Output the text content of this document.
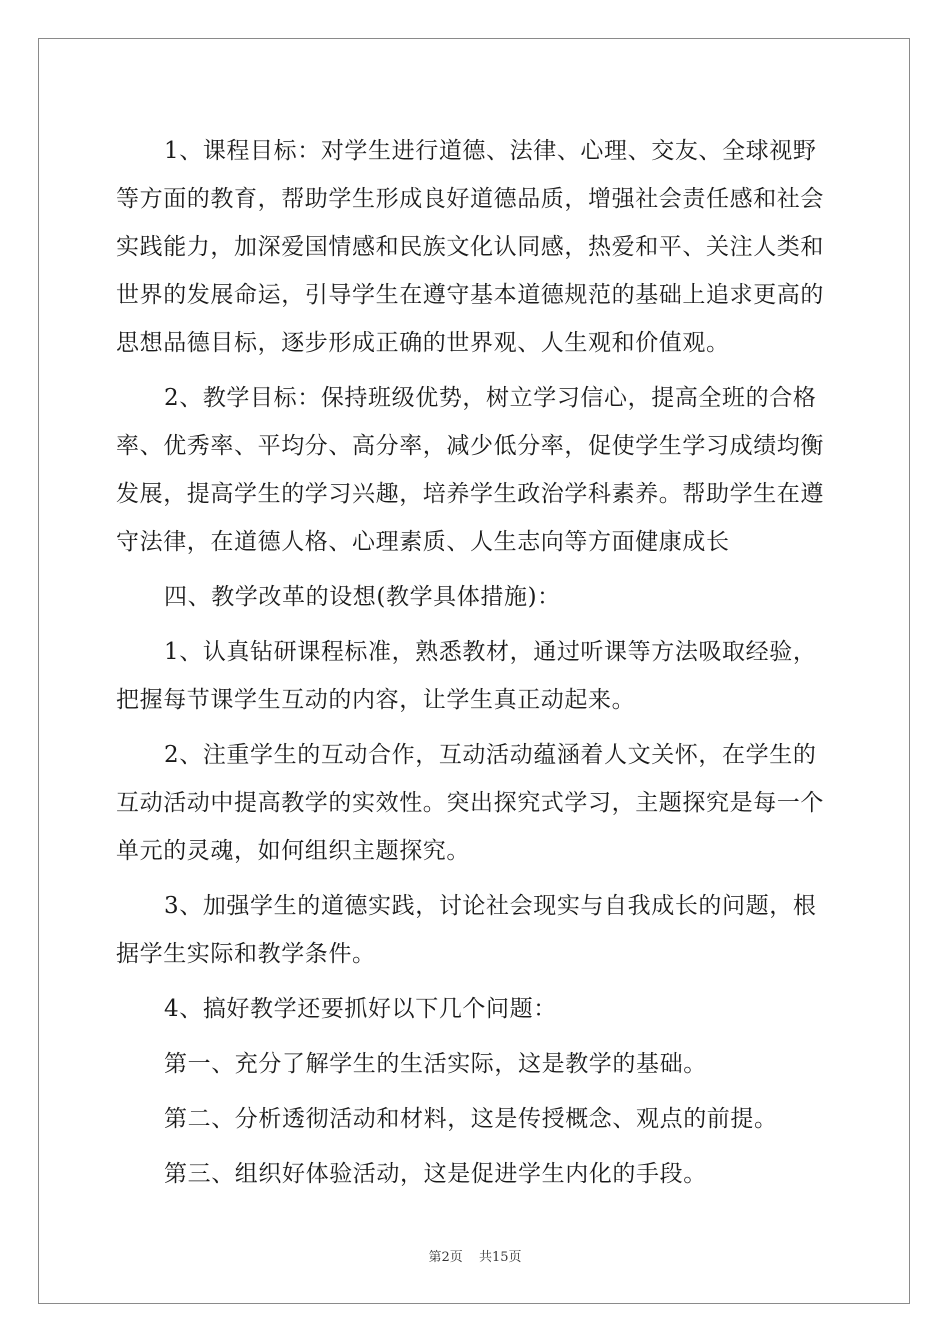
1、课程目标：对学生进行道德、法律、心理、交友、全球视野
等方面的教育，帮助学生形成良好道德品质，增强社会责任感和社会
实践能力，加深爱国情感和民族文化认同感，热爱和平、关注人类和
世界的发展命运，引导学生在遵守基本道德规范的基础上追求更高的
思想品德目标，逐步形成正确的世界观、人生观和价值观。
2、教学目标：保持班级优势，树立学习信心，提高全班的合格
率、优秀率、平均分、高分率，减少低分率，促使学生学习成绩均衡
发展，提高学生的学习兴趣，培养学生政治学科素养。帮助学生在遵
守法律，在道德人格、心理素质、人生志向等方面健康成长
四、教学改革的设想(教学具体措施)：
1、认真钻研课程标准，熟悉教材，通过听课等方法吸取经验，
把握每节课学生互动的内容，让学生真正动起来。
2、注重学生的互动合作，互动活动蕴涵着人文关怀，在学生的
互动活动中提高教学的实效性。突出探究式学习，主题探究是每一个
单元的灵魂，如何组织主题探究。
3、加强学生的道德实践，讨论社会现实与自我成长的问题，根
据学生实际和教学条件。
4、搞好教学还要抓好以下几个问题：
第一、充分了解学生的生活实际，这是教学的基础。
第二、分析透彻活动和材料，这是传授概念、观点的前提。
第三、组织好体验活动，这是促进学生内化的手段。
第2页 共15页
